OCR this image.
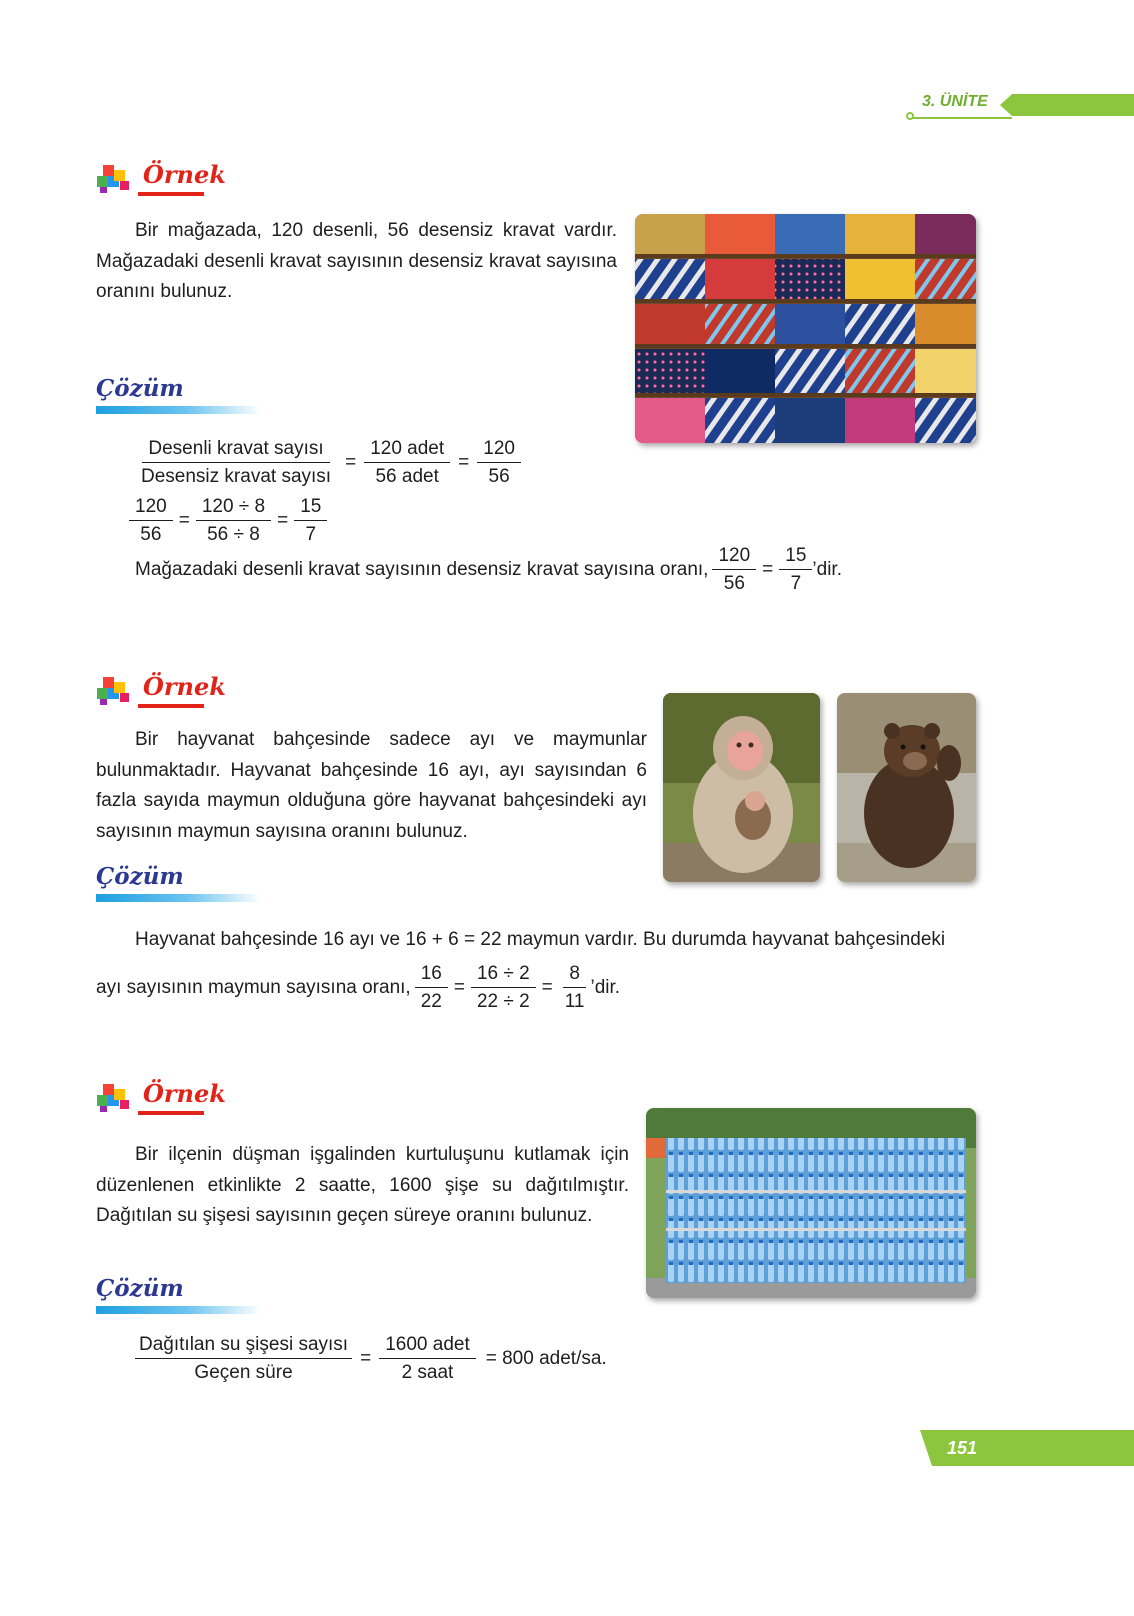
3. ÜNİTE
Örnek
Bir mağazada, 120 desenli, 56 desensiz kravat vardır. Mağazadaki desenli kravat sayısının desensiz kravat sayısına oranını bulunuz.
Çözüm
$\frac{\text{Desenli kravat sayısı}}{\text{Desensiz kravat sayısı}} = \frac{120 adet}{56 adet} = \frac{120}{56}$
$\frac{120}{56} = \frac{120 \div 8}{56 \div 8} = \frac{15}{7}$
Mağazadaki desenli kravat sayısının desensiz kravat sayısına oranı, $\frac{120}{56} = \frac{15}{7}$ ’dir.
Örnek
Bir hayvanat bahçesinde sadece ayı ve maymunlar bulunmaktadır. Hayvanat bahçesinde 16 ayı, ayı sayısından 6 fazla sayıda maymun olduğuna göre hayvanat bahçesindeki ayı sayısının maymun sayısına oranını bulunuz.
Çözüm
Hayvanat bahçesinde 16 ayı ve 16 + 6 = 22 maymun vardır. Bu durumda hayvanat bahçesindeki
ayı sayısının maymun sayısına oranı, $\frac{16}{22} = \frac{16 \div 2}{22 \div 2} = \frac{8}{11}$ ’dir.
Örnek
Bir ilçenin düşman işgalinden kurtuluşunu kutlamak için düzenlenen etkinlikte 2 saatte, 1600 şişe su dağıtılmıştır. Dağıtılan su şişesi sayısının geçen süreye oranını bulunuz.
Çözüm
$\frac{\text{Dağıtılan su şişesi sayısı}}{\text{Geçen süre}} = \frac{1600 adet}{\text{2 saat}} = 800$ adet/sa.
151
